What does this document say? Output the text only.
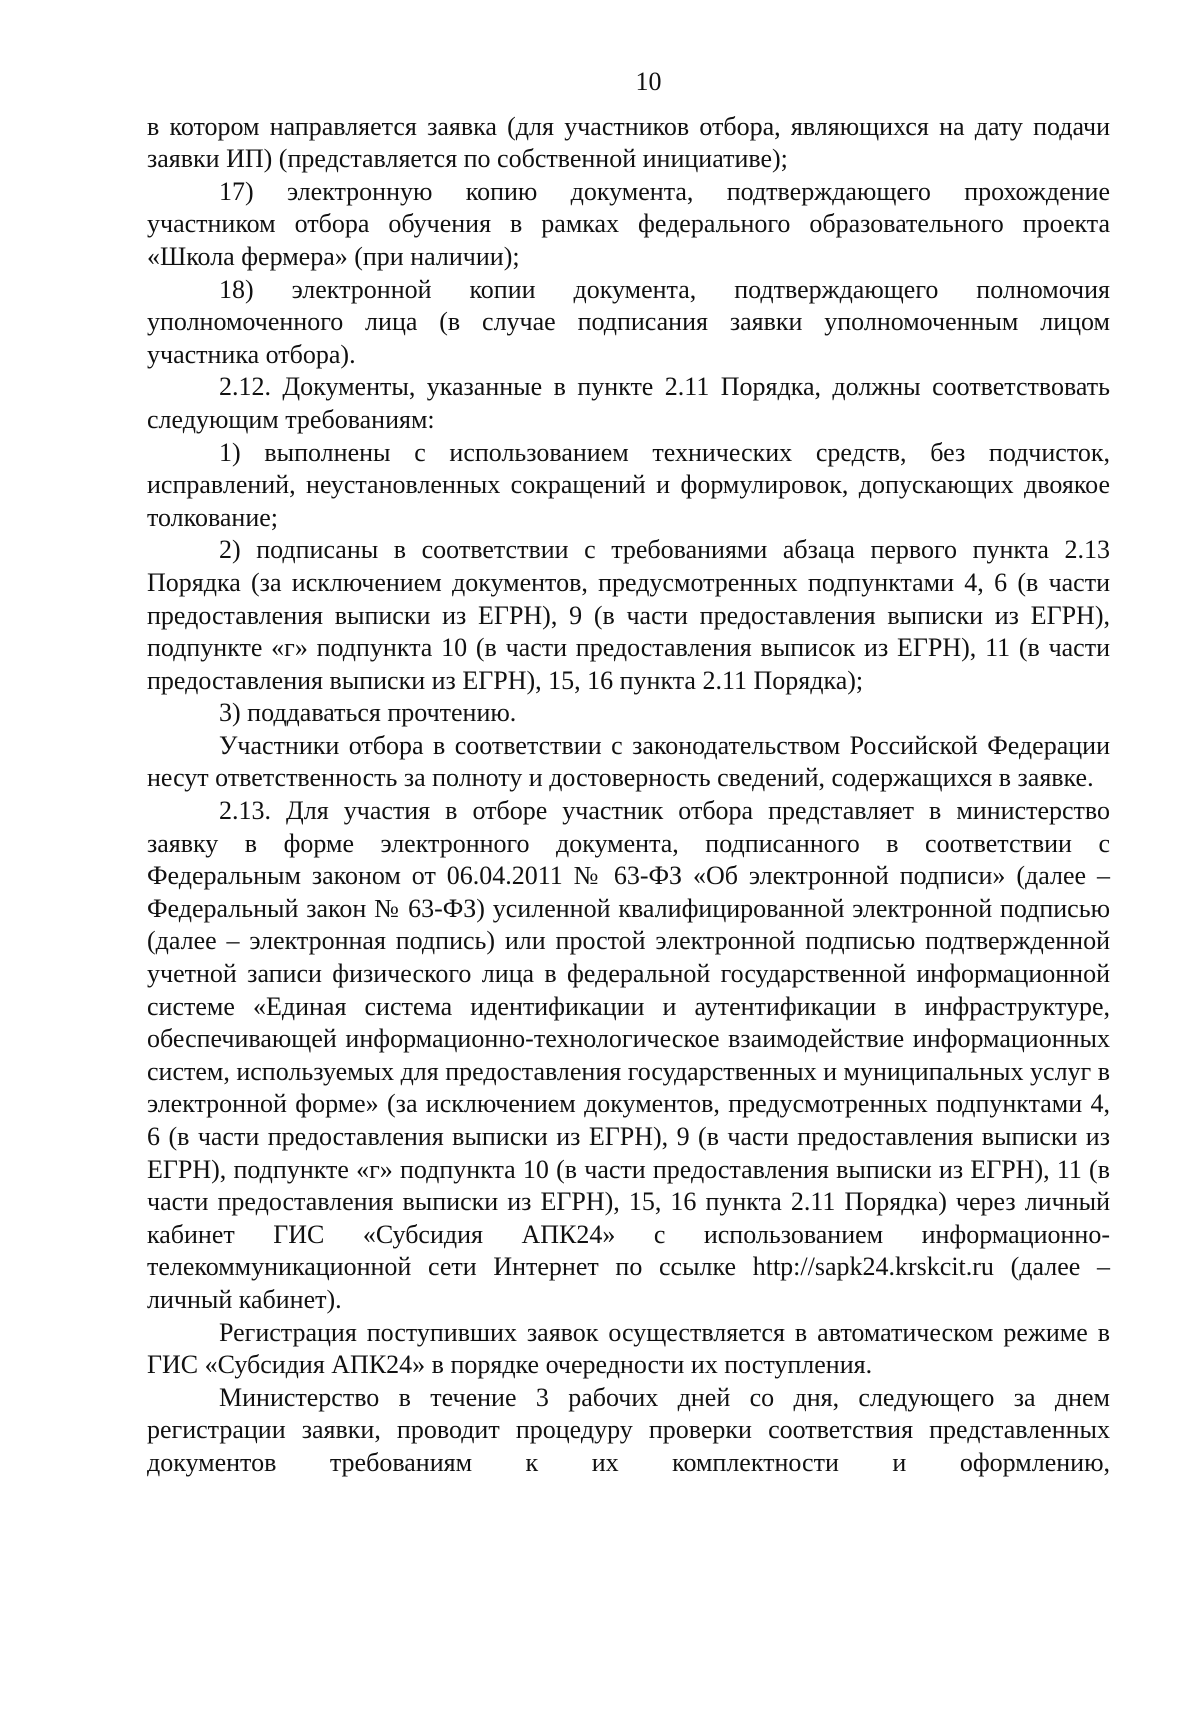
10

в котором направляется заявка (для участников отбора, являющихся на дату подачи заявки ИП) (представляется по собственной инициативе);

17) электронную копию документа, подтверждающего прохождение участником отбора обучения в рамках федерального образовательного проекта «Школа фермера» (при наличии);

18) электронной копии документа, подтверждающего полномочия уполномоченного лица (в случае подписания заявки уполномоченным лицом участника отбора).

2.12. Документы, указанные в пункте 2.11 Порядка, должны соответствовать следующим требованиям:

1) выполнены с использованием технических средств, без подчисток, исправлений, неустановленных сокращений и формулировок, допускающих двоякое толкование;

2) подписаны в соответствии с требованиями абзаца первого пункта 2.13 Порядка (за исключением документов, предусмотренных подпунктами 4, 6 (в части предоставления выписки из ЕГРН), 9 (в части предоставления выписки из ЕГРН), подпункте «г» подпункта 10 (в части предоставления выписок из ЕГРН), 11 (в части предоставления выписки из ЕГРН), 15, 16 пункта 2.11 Порядка);

3) поддаваться прочтению.

Участники отбора в соответствии с законодательством Российской Федерации несут ответственность за полноту и достоверность сведений, содержащихся в заявке.

2.13. Для участия в отборе участник отбора представляет в министерство заявку в форме электронного документа, подписанного в соответствии с Федеральным законом от 06.04.2011 № 63-ФЗ «Об электронной подписи» (далее – Федеральный закон № 63-ФЗ) усиленной квалифицированной электронной подписью (далее – электронная подпись) или простой электронной подписью подтвержденной учетной записи физического лица в федеральной государственной информационной системе «Единая система идентификации и аутентификации в инфраструктуре, обеспечивающей информационно-технологическое взаимодействие информационных систем, используемых для предоставления государственных и муниципальных услуг в электронной форме» (за исключением документов, предусмотренных подпунктами 4, 6 (в части предоставления выписки из ЕГРН), 9 (в части предоставления выписки из ЕГРН), подпункте «г» подпункта 10 (в части предоставления выписки из ЕГРН), 11 (в части предоставления выписки из ЕГРН), 15, 16 пункта 2.11 Порядка) через личный кабинет ГИС «Субсидия АПК24» с использованием информационно-телекоммуникационной сети Интернет по ссылке http://sapk24.krskcit.ru (далее – личный кабинет).

Регистрация поступивших заявок осуществляется в автоматическом режиме в ГИС «Субсидия АПК24» в порядке очередности их поступления.

Министерство в течение 3 рабочих дней со дня, следующего за днем регистрации заявки, проводит процедуру проверки соответствия представленных документов требованиям к их комплектности и оформлению,
